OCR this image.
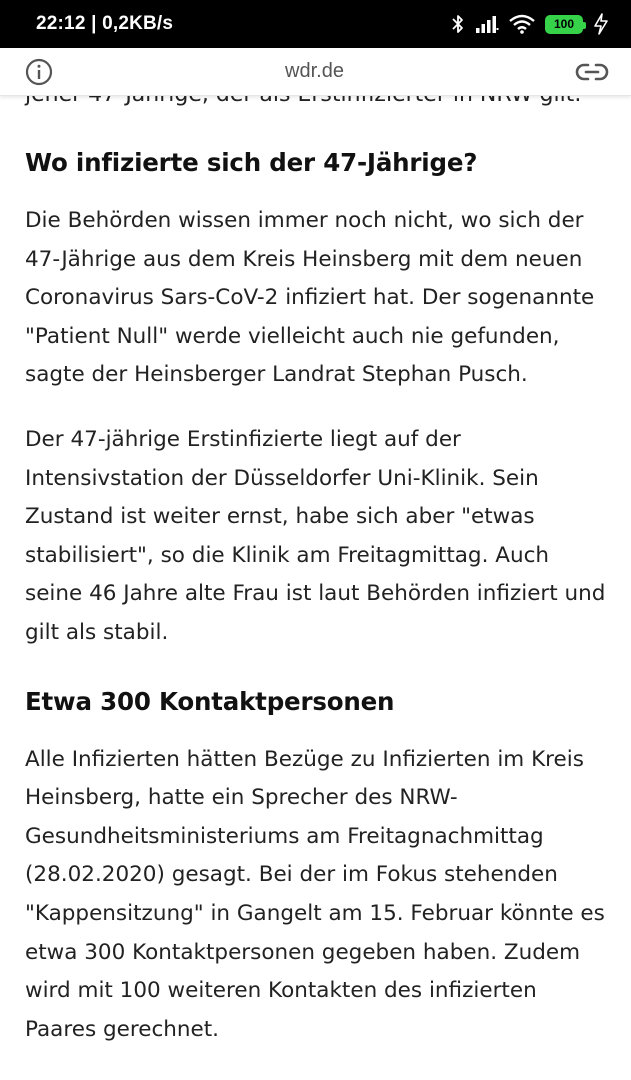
22:12 | 0,2KB/s	100
wdr.de

Wo infizierte sich der 47-Jährige?

Die Behörden wissen immer noch nicht, wo sich der 47-Jährige aus dem Kreis Heinsberg mit dem neuen Coronavirus Sars-CoV-2 infiziert hat. Der sogenannte "Patient Null" werde vielleicht auch nie gefunden, sagte der Heinsberger Landrat Stephan Pusch.

Der 47-jährige Erstinfizierte liegt auf der Intensivstation der Düsseldorfer Uni-Klinik. Sein Zustand ist weiter ernst, habe sich aber "etwas stabilisiert", so die Klinik am Freitagmittag. Auch seine 46 Jahre alte Frau ist laut Behörden infiziert und gilt als stabil.

Etwa 300 Kontaktpersonen

Alle Infizierten hätten Bezüge zu Infizierten im Kreis Heinsberg, hatte ein Sprecher des NRW-Gesundheitsministeriums am Freitagnachmittag (28.02.2020) gesagt. Bei der im Fokus stehenden "Kappensitzung" in Gangelt am 15. Februar könnte es etwa 300 Kontaktpersonen gegeben haben. Zudem wird mit 100 weiteren Kontakten des infizierten Paares gerechnet.
